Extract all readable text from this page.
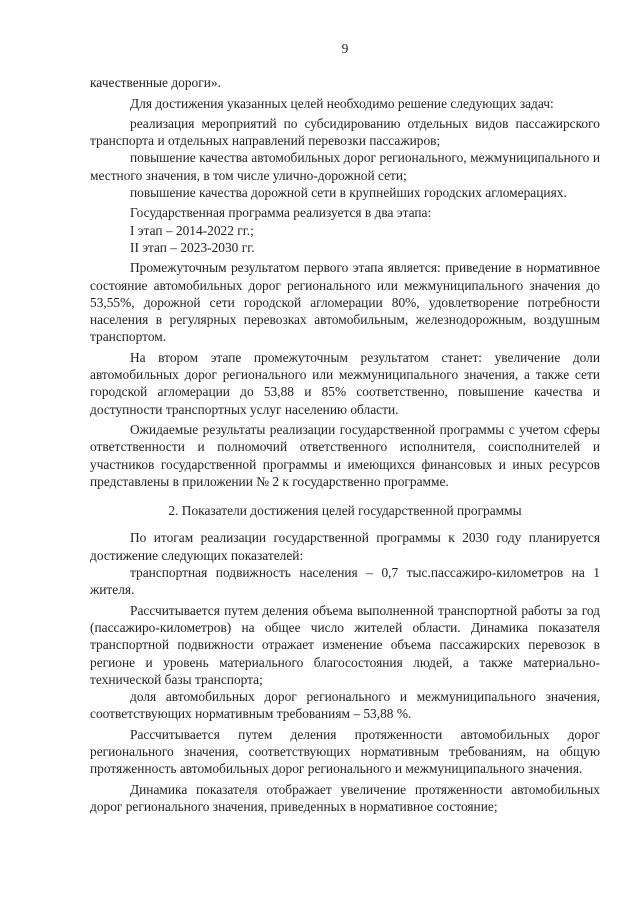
9

качественные дороги».

Для достижения указанных целей необходимо решение следующих задач:

реализация мероприятий по субсидированию отдельных видов пассажирского транспорта и отдельных направлений перевозки пассажиров;

повышение качества автомобильных дорог регионального, межмуниципального и местного значения, в том числе улично-дорожной сети;

повышение качества дорожной сети в крупнейших городских агломерациях.

Государственная программа реализуется в два этапа:

I этап – 2014-2022 гг.;

II этап – 2023-2030 гг.

Промежуточным результатом первого этапа является: приведение в нормативное состояние автомобильных дорог регионального или межмуниципального значения до 53,55%, дорожной сети городской агломерации 80%, удовлетворение потребности населения в регулярных перевозках автомобильным, железнодорожным, воздушным транспортом.

На втором этапе промежуточным результатом станет: увеличение доли автомобильных дорог регионального или межмуниципального значения, а также сети городской агломерации до 53,88 и 85% соответственно, повышение качества и доступности транспортных услуг населению области.

Ожидаемые результаты реализации государственной программы с учетом сферы ответственности и полномочий ответственного исполнителя, соисполнителей и участников государственной программы и имеющихся финансовых и иных ресурсов представлены в приложении № 2 к государственно программе.

2. Показатели достижения целей государственной программы

По итогам реализации государственной программы к 2030 году планируется достижение следующих показателей:

транспортная подвижность населения – 0,7 тыс.пассажиро-километров на 1 жителя.

Рассчитывается путем деления объема выполненной транспортной работы за год (пассажиро-километров) на общее число жителей области. Динамика показателя транспортной подвижности отражает изменение объема пассажирских перевозок в регионе и уровень материального благосостояния людей, а также материально-технической базы транспорта;

доля автомобильных дорог регионального и межмуниципального значения, соответствующих нормативным требованиям – 53,88 %.

Рассчитывается путем деления протяженности автомобильных дорог регионального значения, соответствующих нормативным требованиям, на общую протяженность автомобильных дорог регионального и межмуниципального значения.

Динамика показателя отображает увеличение протяженности автомобильных дорог регионального значения, приведенных в нормативное состояние;
